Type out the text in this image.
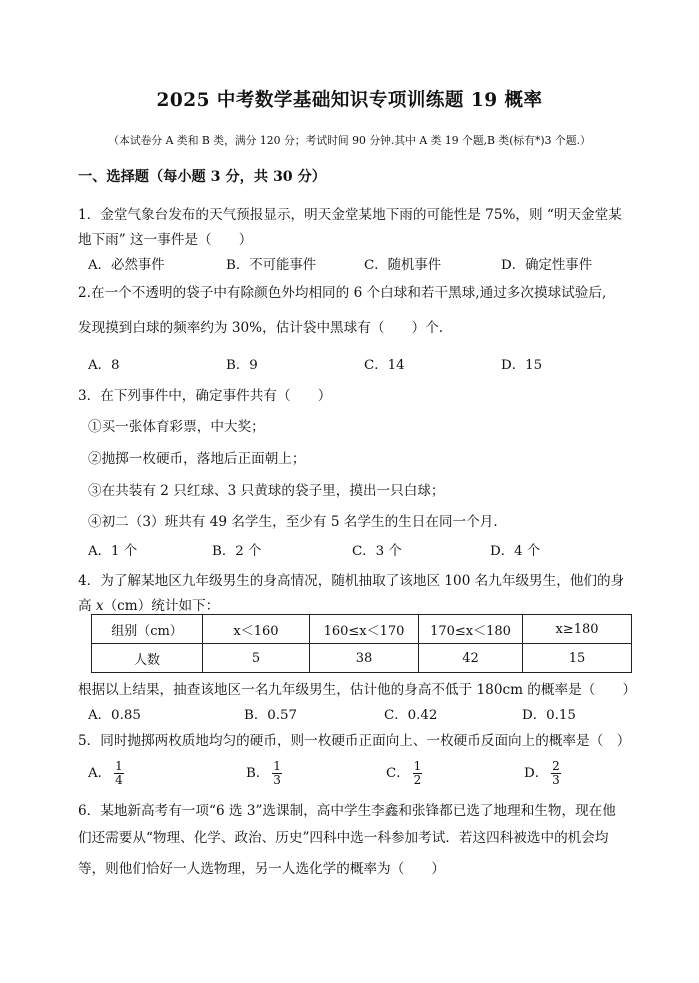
2025 中考数学基础知识专项训练题 19 概率
（本试卷分 A 类和 B 类，满分 120 分；考试时间 90 分钟.其中 A 类 19 个题,B 类(标有*)3 个题.）
一、选择题（每小题 3 分，共 30 分）
1．金堂气象台发布的天气预报显示，明天金堂某地下雨的可能性是 75%，则 “明天金堂某
地下雨” 这一事件是（　　）
A．必然事件	B．不可能事件	C．随机事件	D．确定性事件
2.在一个不透明的袋子中有除颜色外均相同的 6 个白球和若干黑球,通过多次摸球试验后,
发现摸到白球的频率约为 30%，估计袋中黑球有（　　）个.
A．8	B．9	C．14	D．15
3．在下列事件中，确定事件共有（　　）
①买一张体育彩票，中大奖；
②抛掷一枚硬币，落地后正面朝上；
③在共装有 2 只红球、3 只黄球的袋子里，摸出一只白球；
④初二（3）班共有 49 名学生，至少有 5 名学生的生日在同一个月.
A．1 个	B．2 个	C．3 个	D．4 个
4．为了解某地区九年级男生的身高情况，随机抽取了该地区 100 名九年级男生，他们的身
高 x（cm）统计如下：
组别（cm）	x＜160	160≤x＜170	170≤x＜180	x≥180
人数	5	38	42	15
根据以上结果，抽查该地区一名九年级男生，估计他的身高不低于 180cm 的概率是（　　）
A．0.85	B．0.57	C．0.42	D．0.15
5．同时抛掷两枚质地均匀的硬币，则一枚硬币正面向上、一枚硬币反面向上的概率是（　）
A． $\frac{1}{4}$	B． $\frac{1}{3}$	C． $\frac{1}{2}$	D． $\frac{2}{3}$
6．某地新高考有一项“6 选 3”选课制，高中学生李鑫和张锋都已选了地理和生物，现在他
们还需要从“物理、化学、政治、历史”四科中选一科参加考试．若这四科被选中的机会均
等，则他们恰好一人选物理，另一人选化学的概率为（　　）
